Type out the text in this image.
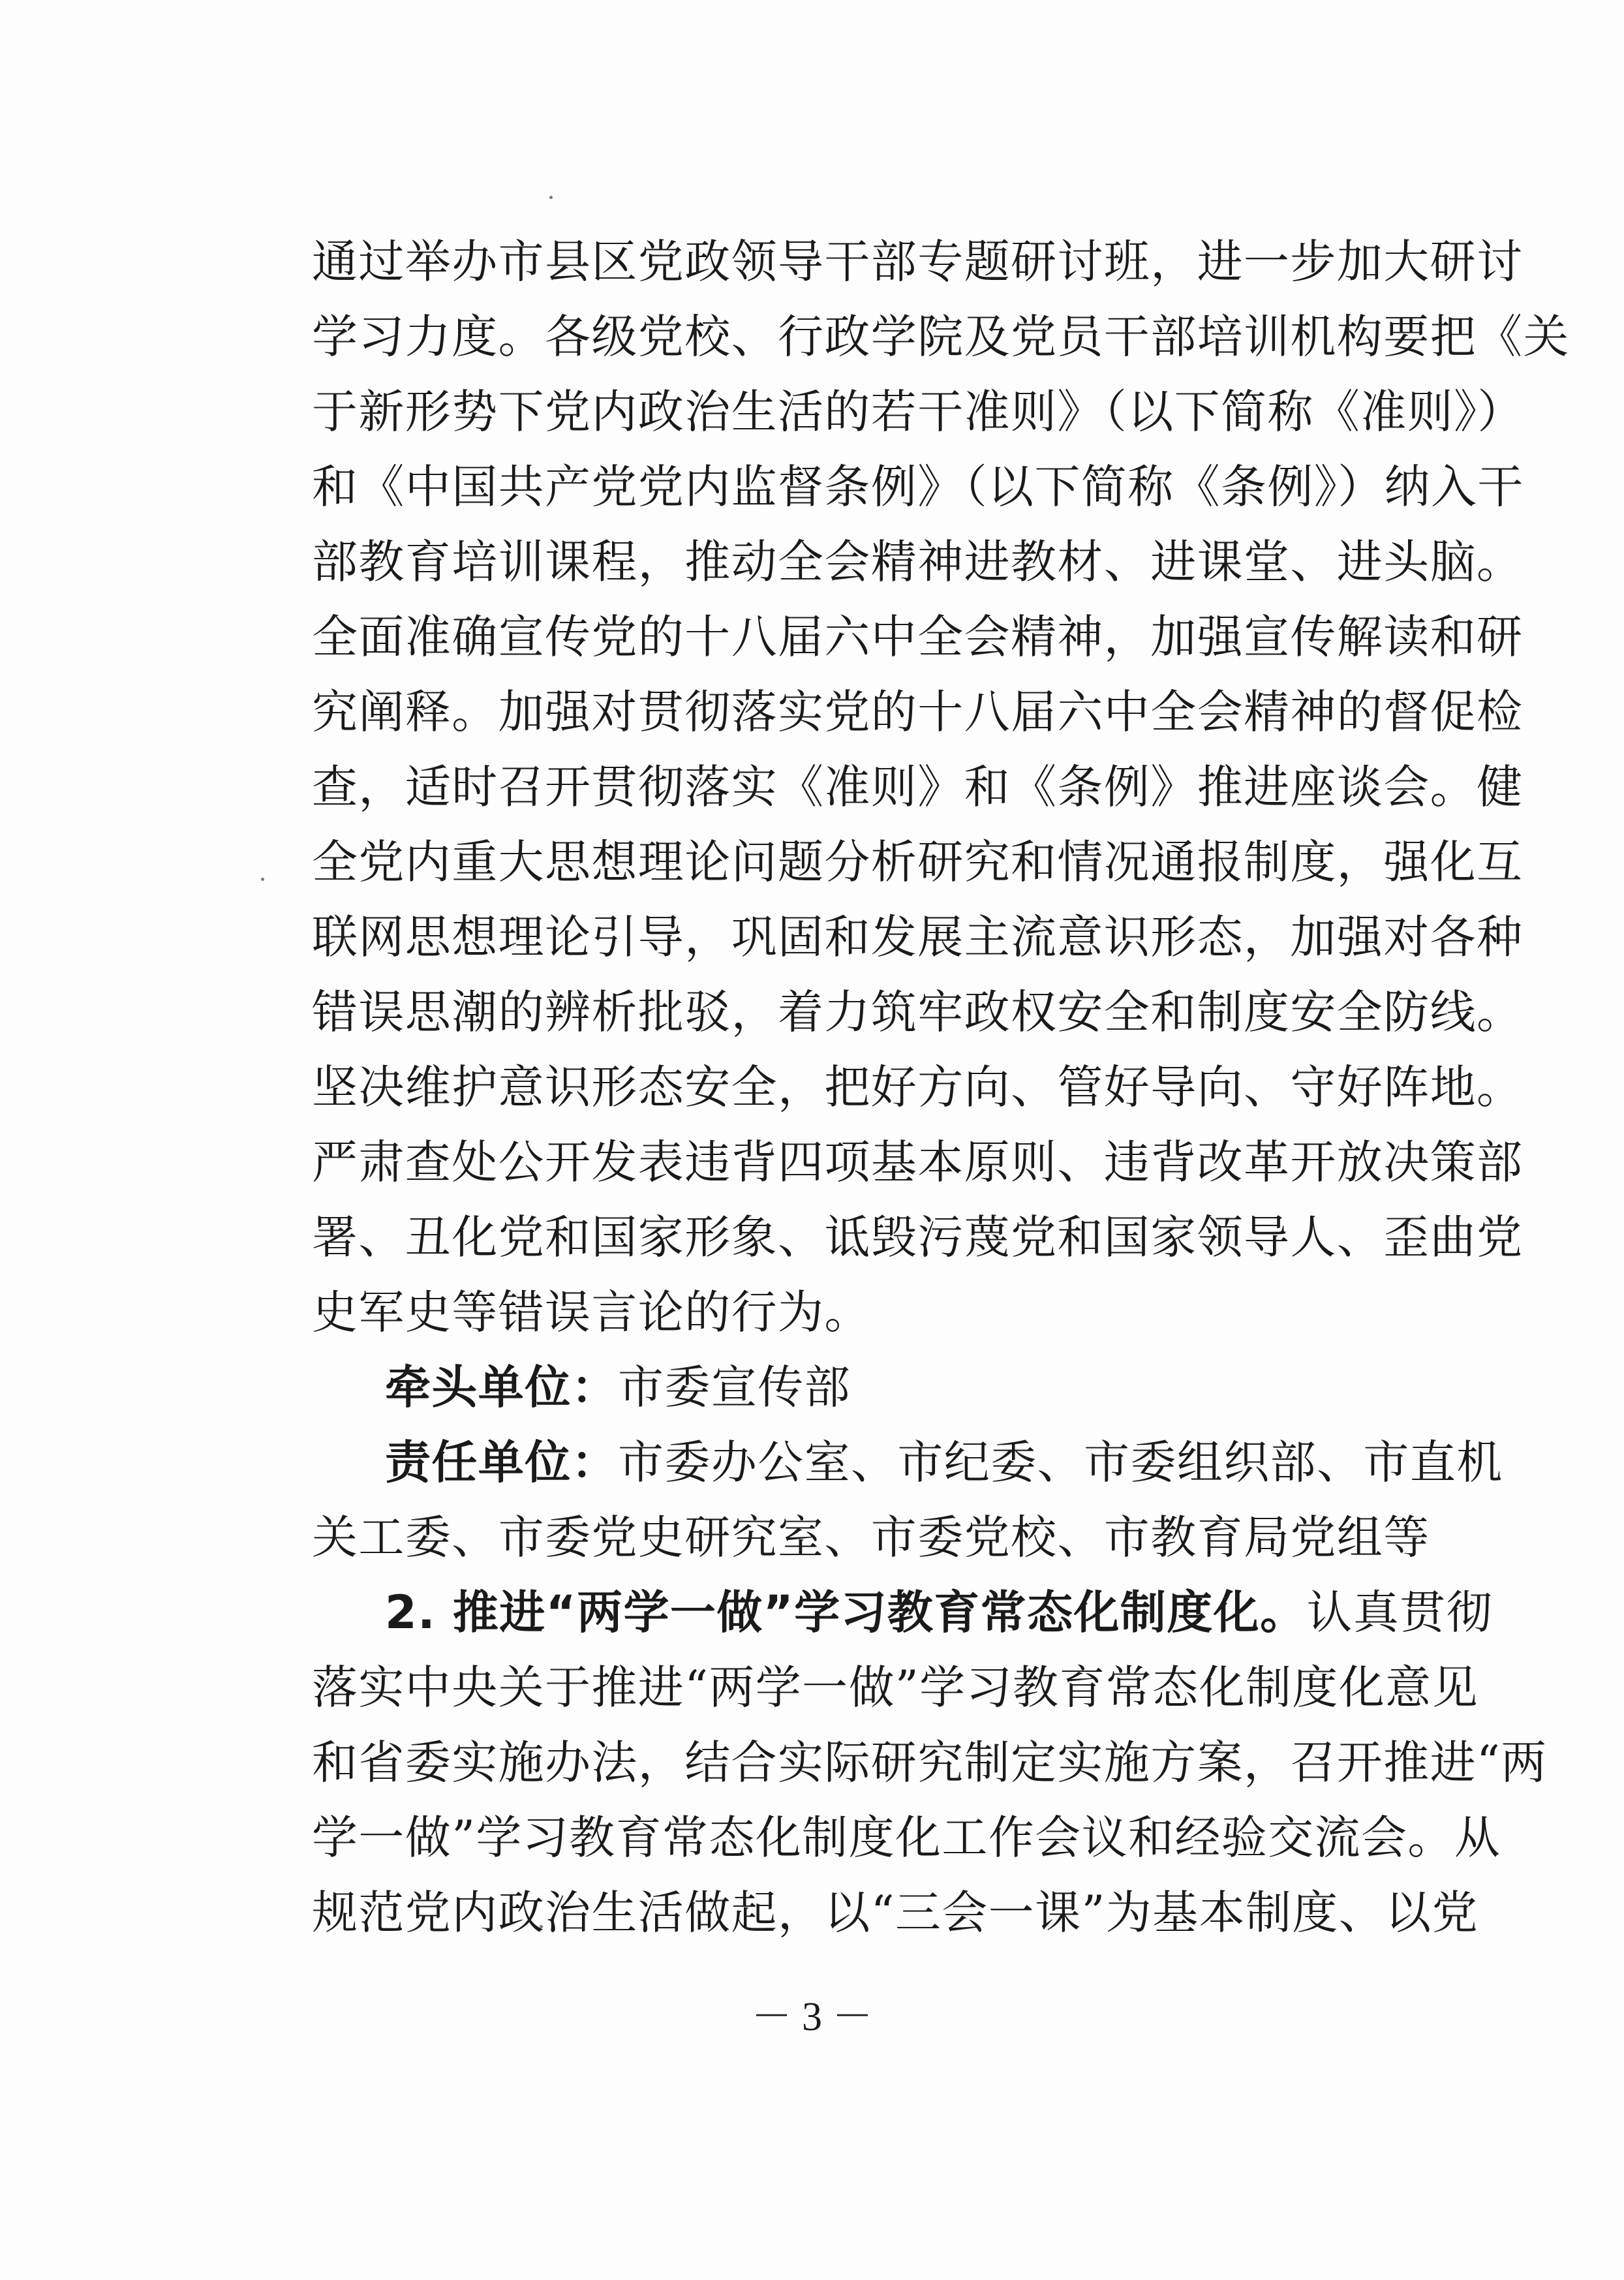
通过举办市县区党政领导干部专题研讨班，进一步加大研讨
学习力度。各级党校、行政学院及党员干部培训机构要把《关
于新形势下党内政治生活的若干准则》（以下简称《准则》）
和《中国共产党党内监督条例》（以下简称《条例》）纳入干
部教育培训课程，推动全会精神进教材、进课堂、进头脑。
全面准确宣传党的十八届六中全会精神，加强宣传解读和研
究阐释。加强对贯彻落实党的十八届六中全会精神的督促检
查，适时召开贯彻落实《准则》和《条例》推进座谈会。健
全党内重大思想理论问题分析研究和情况通报制度，强化互
联网思想理论引导，巩固和发展主流意识形态，加强对各种
错误思潮的辨析批驳，着力筑牢政权安全和制度安全防线。
坚决维护意识形态安全，把好方向、管好导向、守好阵地。
严肃查处公开发表违背四项基本原则、违背改革开放决策部
署、丑化党和国家形象、诋毁污蔑党和国家领导人、歪曲党
史军史等错误言论的行为。
牵头单位：市委宣传部
责任单位：市委办公室、市纪委、市委组织部、市直机
关工委、市委党史研究室、市委党校、市教育局党组等
2. 推进“两学一做”学习教育常态化制度化。认真贯彻
落实中央关于推进“两学一做”学习教育常态化制度化意见
和省委实施办法，结合实际研究制定实施方案，召开推进“两
学一做”学习教育常态化制度化工作会议和经验交流会。从
规范党内政治生活做起，以“三会一课”为基本制度、以党
－ 3 －
